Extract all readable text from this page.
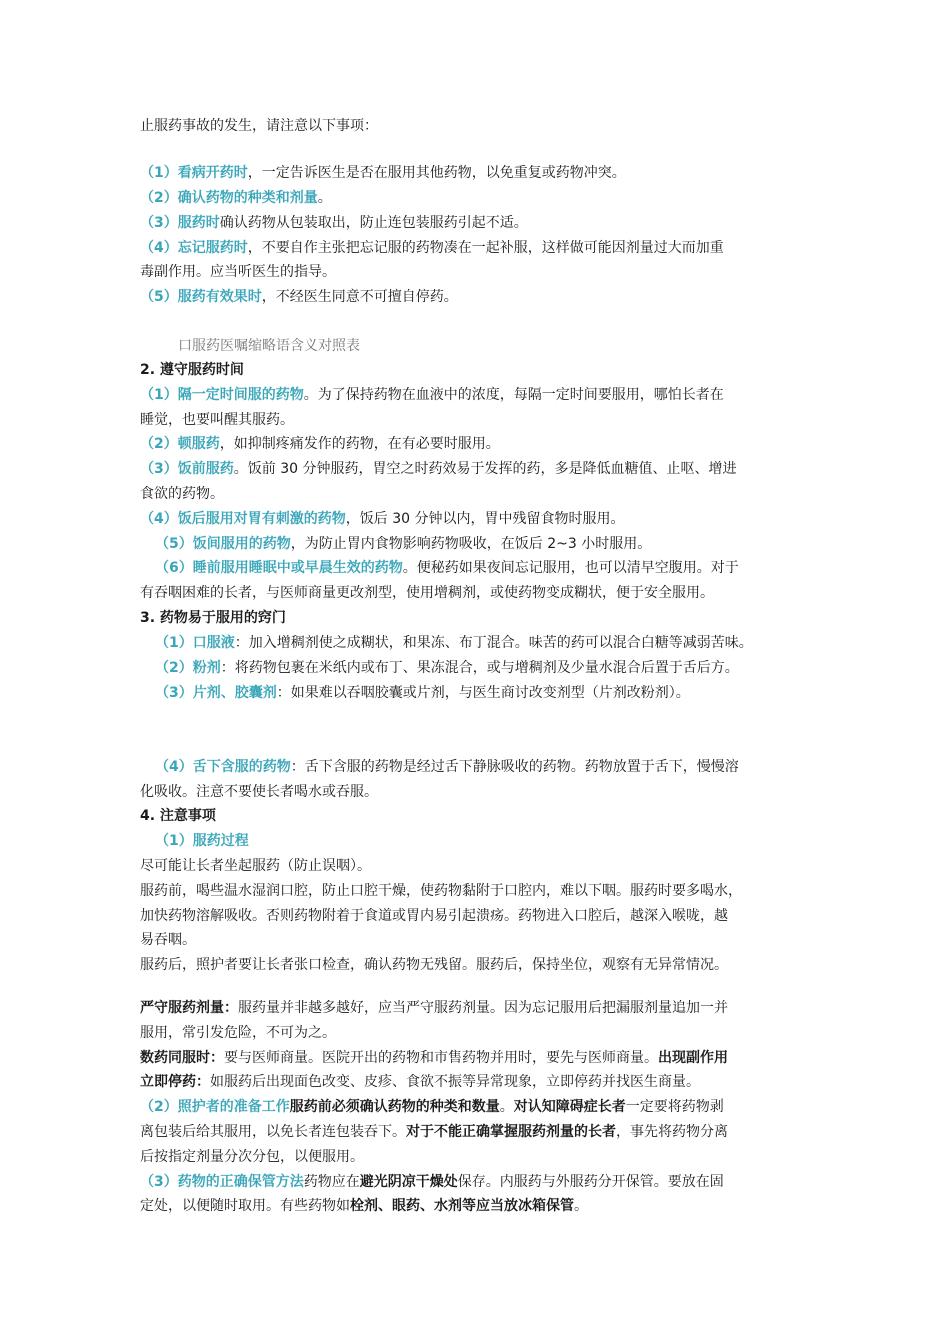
止服药事故的发生，请注意以下事项：
（1）看病开药时，一定告诉医生是否在服用其他药物，以免重复或药物冲突。
（2）确认药物的种类和剂量。
（3）服药时确认药物从包装取出，防止连包装服药引起不适。
（4）忘记服药时，不要自作主张把忘记服的药物凑在一起补服，这样做可能因剂量过大而加重
毒副作用。应当听医生的指导。
（5）服药有效果时，不经医生同意不可擅自停药。
口服药医嘱缩略语含义对照表
2. 遵守服药时间
（1）隔一定时间服的药物。为了保持药物在血液中的浓度，每隔一定时间要服用，哪怕长者在
睡觉，也要叫醒其服药。
（2）顿服药，如抑制疼痛发作的药物，在有必要时服用。
（3）饭前服药。饭前 30 分钟服药，胃空之时药效易于发挥的药，多是降低血糖值、止呕、增进
食欲的药物。
（4）饭后服用对胃有刺激的药物，饭后 30 分钟以内，胃中残留食物时服用。
（5）饭间服用的药物，为防止胃内食物影响药物吸收，在饭后 2~3 小时服用。
（6）睡前服用睡眠中或早晨生效的药物。便秘药如果夜间忘记服用，也可以清早空腹用。对于
有吞咽困难的长者，与医师商量更改剂型，使用增稠剂，或使药物变成糊状，便于安全服用。
3. 药物易于服用的窍门
（1）口服液：加入增稠剂使之成糊状，和果冻、布丁混合。味苦的药可以混合白糖等减弱苦味。
（2）粉剂：将药物包裹在米纸内或布丁、果冻混合，或与增稠剂及少量水混合后置于舌后方。
（3）片剂、胶囊剂：如果难以吞咽胶囊或片剂，与医生商讨改变剂型（片剂改粉剂）。
（4）舌下含服的药物：舌下含服的药物是经过舌下静脉吸收的药物。药物放置于舌下，慢慢溶
化吸收。注意不要使长者喝水或吞服。
4. 注意事项
（1）服药过程
尽可能让长者坐起服药（防止误咽）。
服药前，喝些温水湿润口腔，防止口腔干燥，使药物黏附于口腔内，难以下咽。服药时要多喝水，
加快药物溶解吸收。否则药物附着于食道或胃内易引起溃疡。药物进入口腔后，越深入喉咙，越
易吞咽。
服药后，照护者要让长者张口检查，确认药物无残留。服药后，保持坐位，观察有无异常情况。
严守服药剂量：服药量并非越多越好，应当严守服药剂量。因为忘记服用后把漏服剂量追加一并
服用，常引发危险，不可为之。
数药同服时：要与医师商量。医院开出的药物和市售药物并用时，要先与医师商量。出现副作用
立即停药：如服药后出现面色改变、皮疹、食欲不振等异常现象，立即停药并找医生商量。
（2）照护者的准备工作服药前必须确认药物的种类和数量。对认知障碍症长者一定要将药物剥
离包装后给其服用，以免长者连包装吞下。对于不能正确掌握服药剂量的长者，事先将药物分离
后按指定剂量分次分包，以便服用。
（3）药物的正确保管方法药物应在避光阴凉干燥处保存。内服药与外服药分开保管。要放在固
定处，以便随时取用。有些药物如栓剂、眼药、水剂等应当放冰箱保管。
